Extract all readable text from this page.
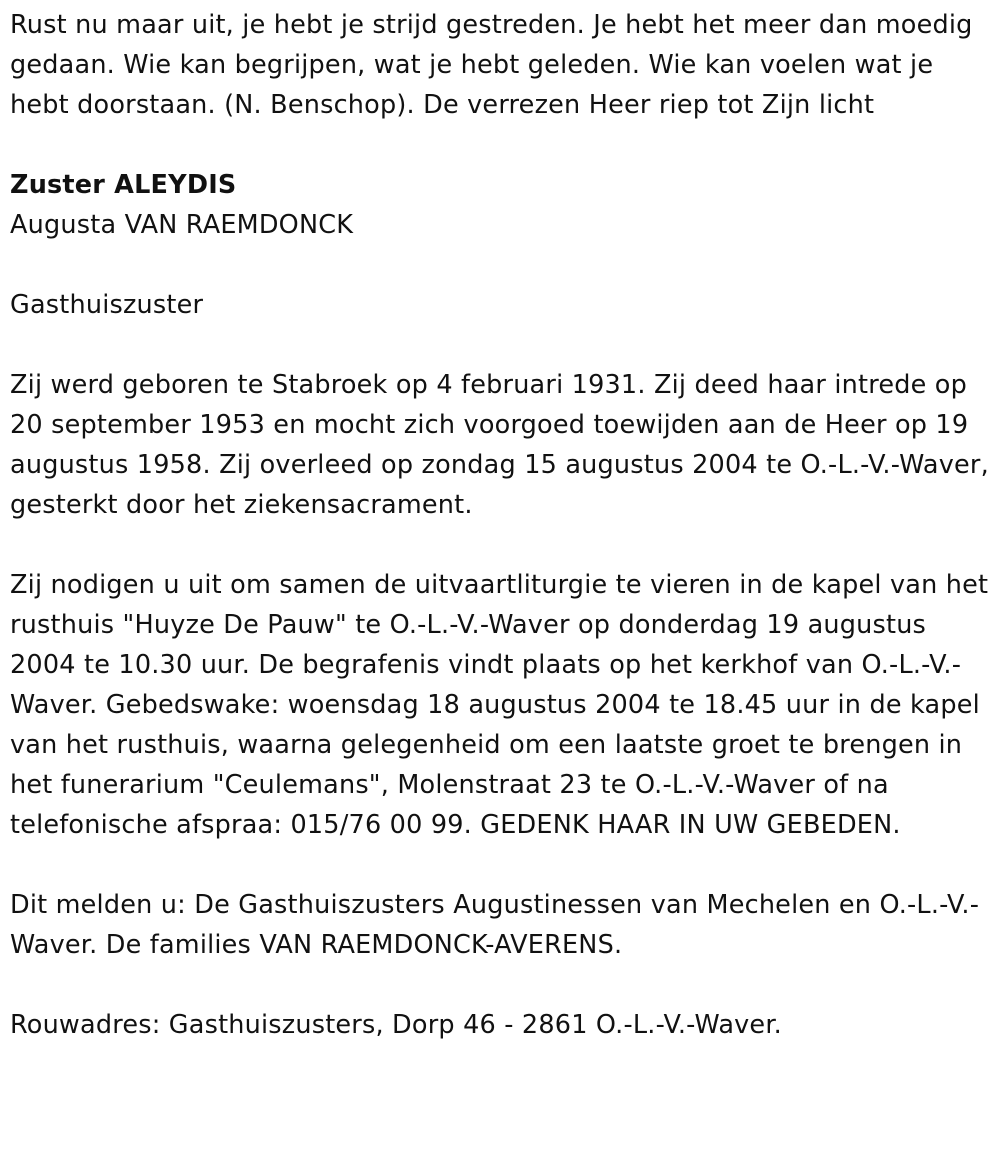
Rust nu maar uit, je hebt je strijd gestreden. Je hebt het meer dan moedig gedaan. Wie kan begrijpen, wat je hebt geleden. Wie kan voelen wat je hebt doorstaan. (N. Benschop). De verrezen Heer riep tot Zijn licht

Zuster ALEYDIS

Augusta VAN RAEMDONCK

Gasthuiszuster

Zij werd geboren te Stabroek op 4 februari 1931. Zij deed haar intrede op 20 september 1953 en mocht zich voorgoed toewijden aan de Heer op 19 augustus 1958. Zij overleed op zondag 15 augustus 2004 te O.-L.-V.-Waver, gesterkt door het ziekensacrament.

Zij nodigen u uit om samen de uitvaartliturgie te vieren in de kapel van het rusthuis "Huyze De Pauw" te O.-L.-V.-Waver op donderdag 19 augustus 2004 te 10.30 uur. De begrafenis vindt plaats op het kerkhof van O.-L.-V.-Waver. Gebedswake: woensdag 18 augustus 2004 te 18.45 uur in de kapel van het rusthuis, waarna gelegenheid om een laatste groet te brengen in het funerarium "Ceulemans", Molenstraat 23 te O.-L.-V.-Waver of na telefonische afspraa: 015/76 00 99. GEDENK HAAR IN UW GEBEDEN.

Dit melden u: De Gasthuiszusters Augustinessen van Mechelen en O.-L.-V.-Waver. De families VAN RAEMDONCK-AVERENS.

Rouwadres: Gasthuiszusters, Dorp 46 - 2861 O.-L.-V.-Waver.
